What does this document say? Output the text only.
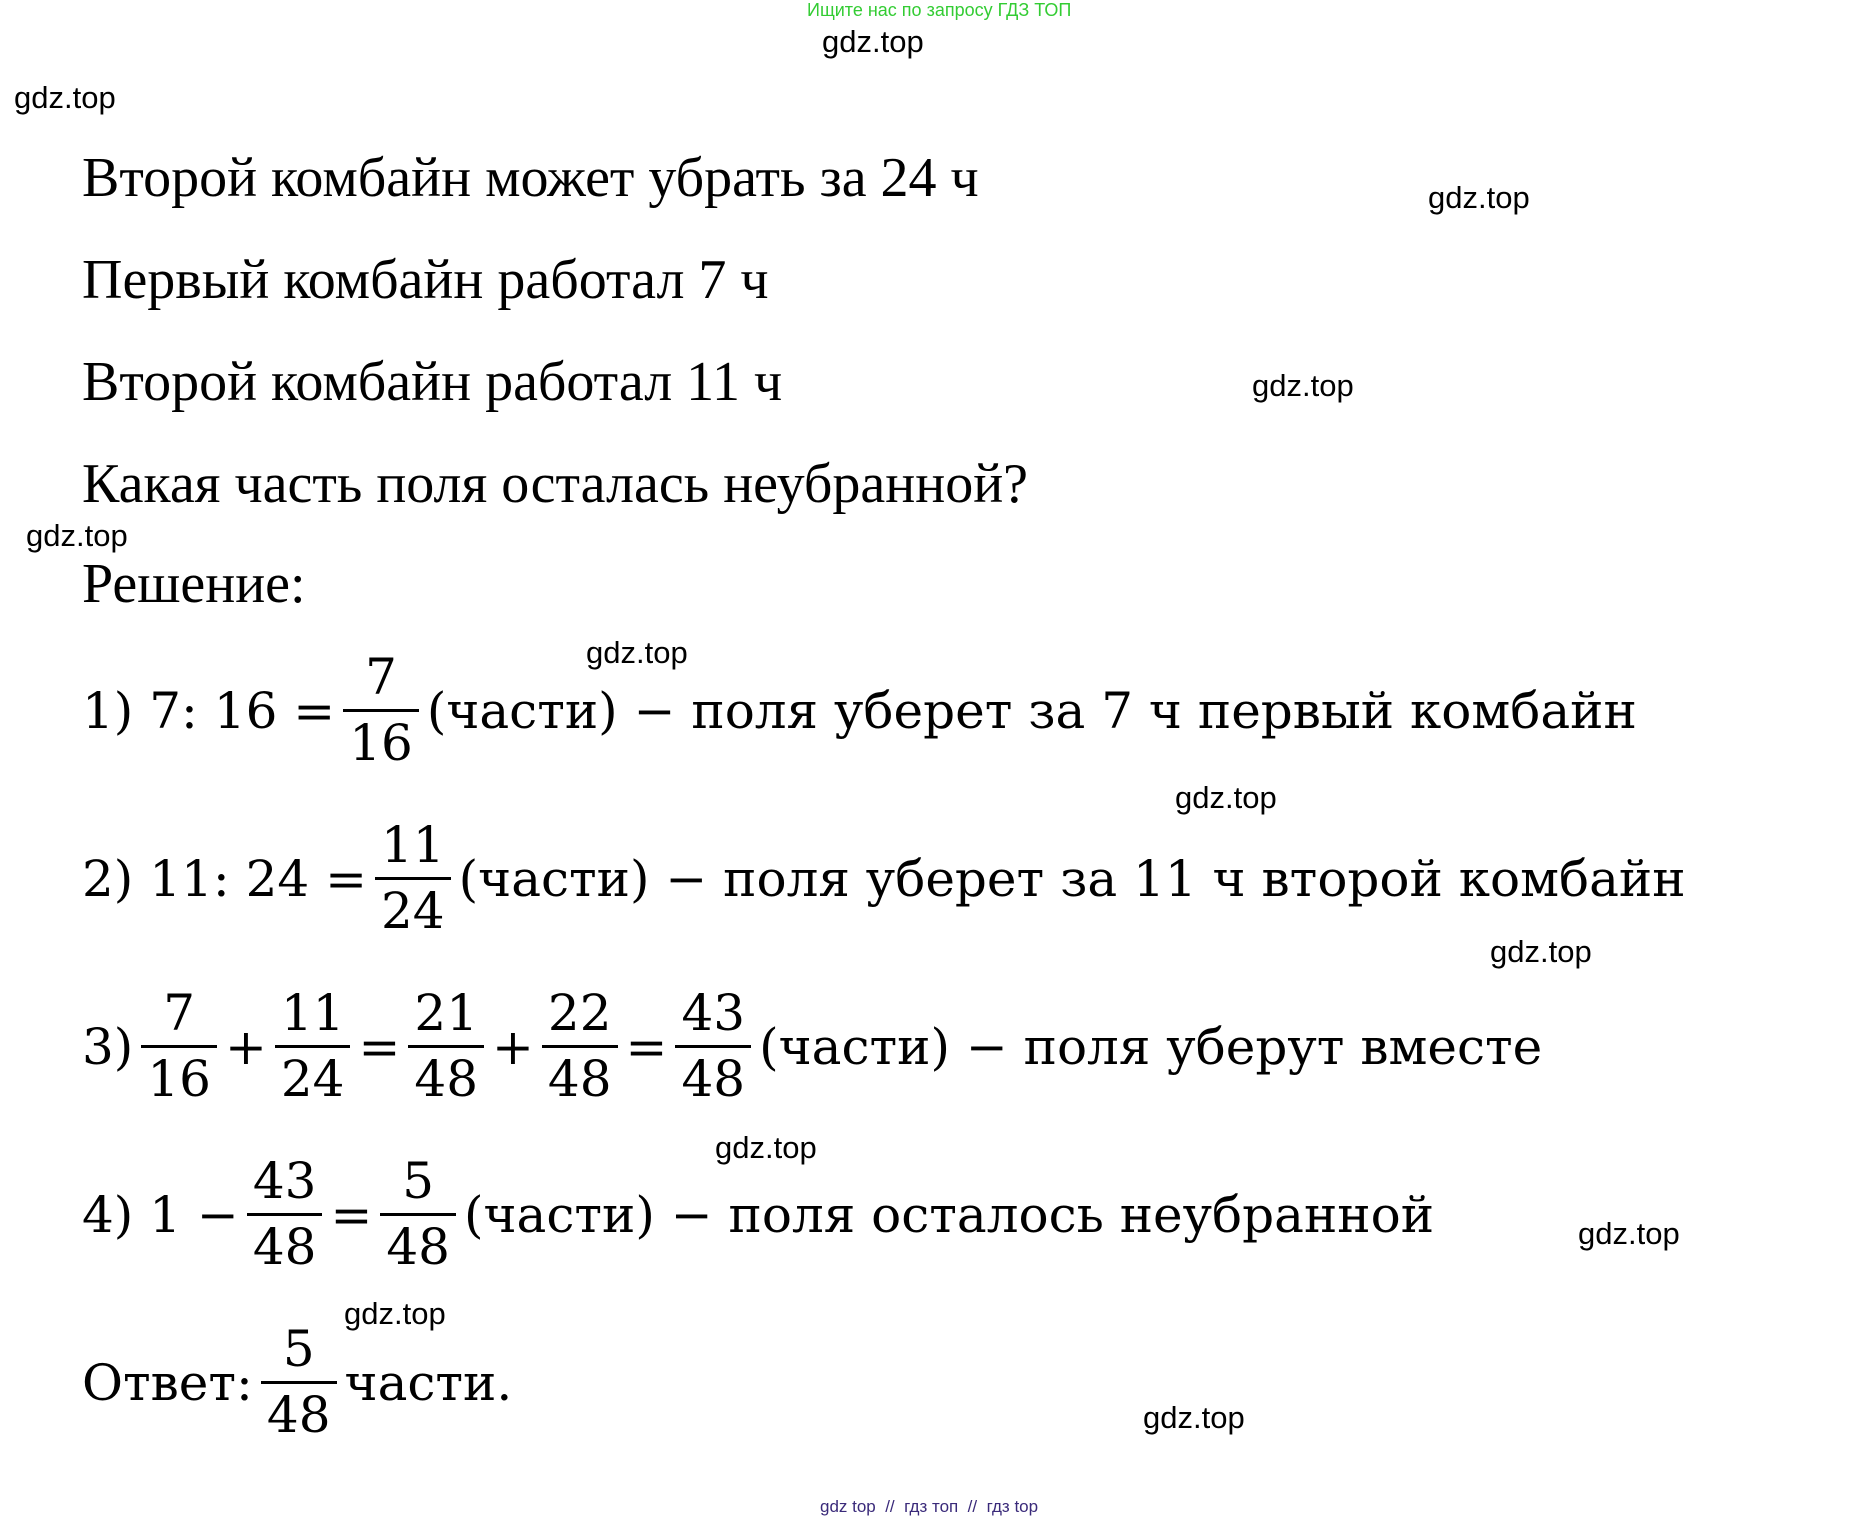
Ищите нас по запросу ГДЗ ТОП
gdz.top
gdz.top
gdz.top
gdz.top
gdz.top
gdz.top
gdz.top
gdz.top
gdz.top
gdz.top
gdz.top
gdz.top
Второй комбайн может убрать за 24 ч
Первый комбайн работал 7 ч
Второй комбайн работал 11 ч
Какая часть поля осталась неубранной?
Решение:
1) 7: $16 = \frac{7}{16}$ (части) − поля уберет за 7 ч первый комбайн
2) 11: $24 = \frac{11}{24}$ (части) − поля уберет за 11 ч второй комбайн
$3) \frac{7}{16} + \frac{11}{24} = \frac{21}{48} + \frac{22}{48} = \frac{43}{48}$ (части) − поля уберут вместе
4) $1 - \frac{43}{48} = \frac{5}{48}$ (части) − поля осталось неубранной
Ответ: $\frac{5}{48}$ части.
gdz top  //  гдз топ  //  гдз top
